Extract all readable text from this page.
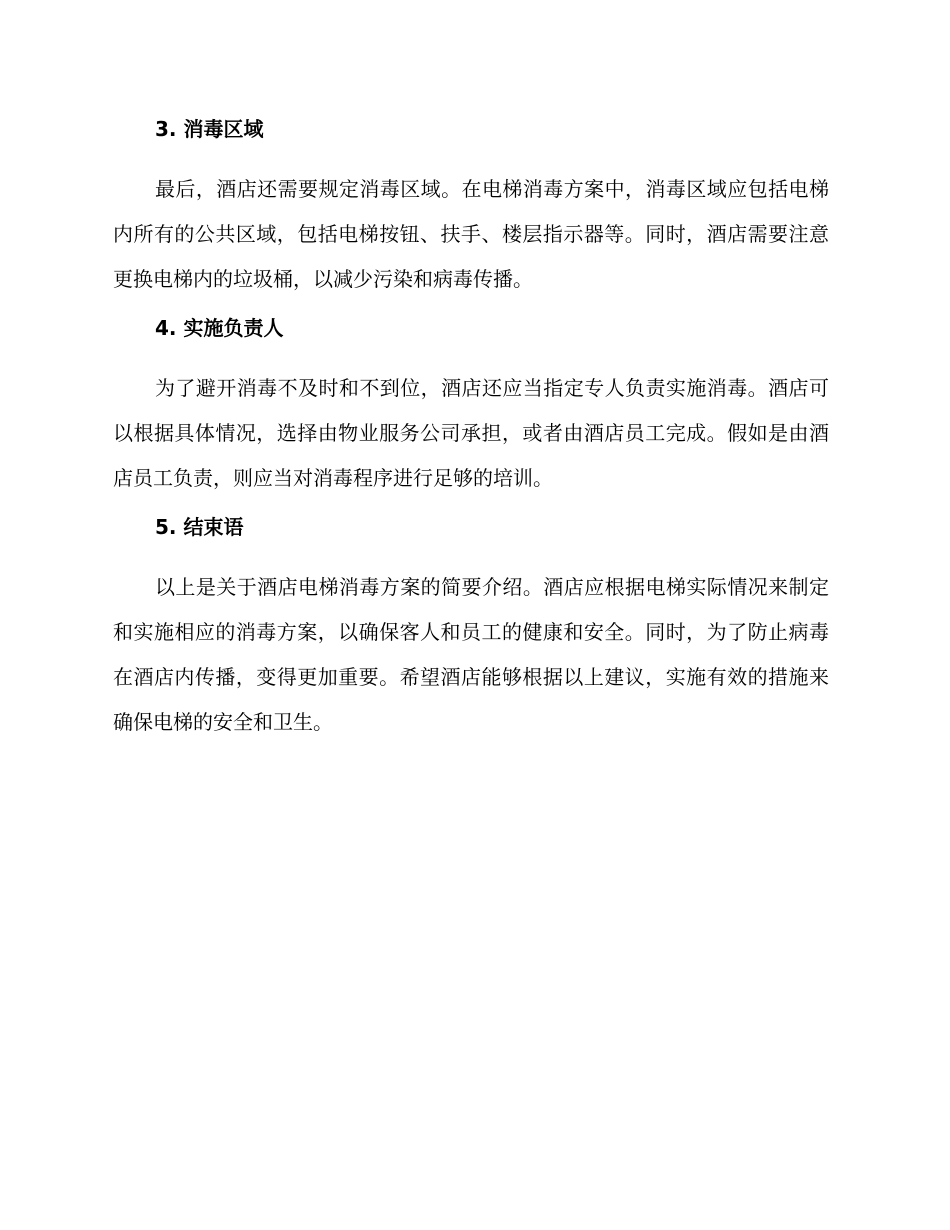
3. 消毒区域

最后，酒店还需要规定消毒区域。在电梯消毒方案中，消毒区域应包括电梯内所有的公共区域，包括电梯按钮、扶手、楼层指示器等。同时，酒店需要注意更换电梯内的垃圾桶，以减少污染和病毒传播。

4. 实施负责人

为了避开消毒不及时和不到位，酒店还应当指定专人负责实施消毒。酒店可以根据具体情况，选择由物业服务公司承担，或者由酒店员工完成。假如是由酒店员工负责，则应当对消毒程序进行足够的培训。

5. 结束语

以上是关于酒店电梯消毒方案的简要介绍。酒店应根据电梯实际情况来制定和实施相应的消毒方案，以确保客人和员工的健康和安全。同时，为了防止病毒在酒店内传播，变得更加重要。希望酒店能够根据以上建议，实施有效的措施来确保电梯的安全和卫生。
